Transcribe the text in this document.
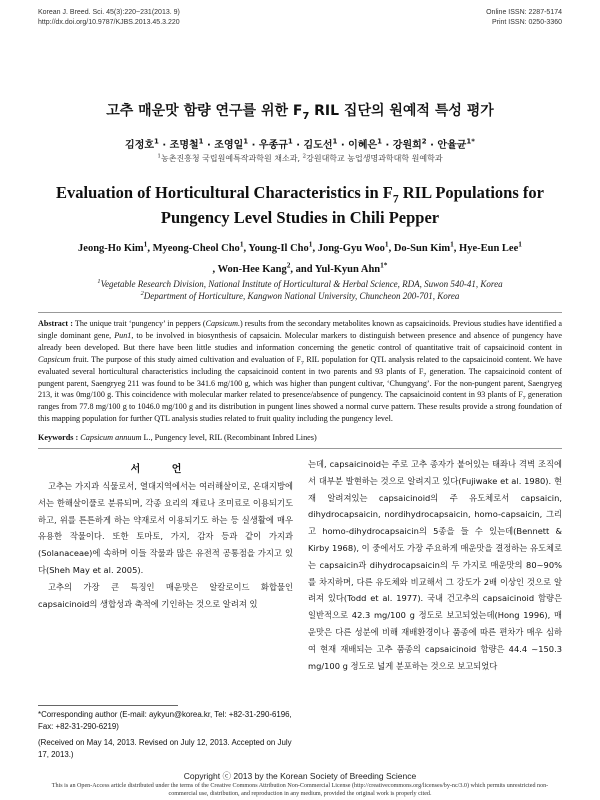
Korean J. Breed. Sci. 45(3):220~231(2013. 9)
http://dx.doi.org/10.9787/KJBS.2013.45.3.220
Online ISSN: 2287-5174
Print ISSN: 0250-3360
고추 매운맛 함량 연구를 위한 $F_7$ RIL 집단의 원예적 특성 평가
김정호$^1$ · 조명철$^1$ · 조영일$^1$ · 우종규$^1$ · 김도선$^1$ · 이혜은$^1$ · 강원희$^2$ · 안율균$^{1*}$
$^1$농촌진흥청 국립원예특작과학원 채소과, $^2$강원대학교 농업생명과학대학 원예학과
Evaluation of Horticultural Characteristics in $F_7$ RIL Populations for
Pungency Level Studies in Chili Pepper
Jeong-Ho Kim$^1$, Myeong-Cheol Cho$^1$, Young-Il Cho$^1$, Jong-Gyu Woo$^1$, Do-Sun Kim$^1$, Hye-Eun Lee$^1$
, Won-Hee Kang$^2$, and Yul-Kyun Ahn$^{1*}$
$^1$Vegetable Research Division, National Institute of Horticultural & Herbal Science, RDA, Suwon 540-41, Korea
$^2$Department of Horticulture, Kangwon National University, Chuncheon 200-701, Korea
Abstract : The unique trait ‘pungency’ in peppers (Capsicum.) results from the secondary metabolites known as capsaicinoids. Previous studies have identified a single dominant gene, Pun1, to be involved in biosynthesis of capsaicin. Molecular markers to distinguish between presence and absence of pungency have already been developed. But there have been little studies and information concerning the genetic control of quantitative trait of capsaicinoid content in Capsicum fruit. The purpose of this study aimed cultivation and evaluation of $F_7$ RIL population for QTL analysis related to the capsaicinoid content. We have evaluated several horticultural characteristics including the capsaicinoid content in two parents and 93 plants of $F_7$ generation. The capsaicinoid content of pungent parent, Saengryeg 211 was found to be 341.6 mg/100 g, which was higher than pungent cultivar, ‘Chungyang’. For the non-pungent parent, Saengryeg 213, it was 0mg/100 g. This coincidence with molecular marker related to presence/absence of pungency. The capsaicinoid content in 93 plants of $F_7$ generation ranges from 77.8 mg/100 g to 1046.0 mg/100 g and its distribution in pungent lines showed a normal curve pattern. These results provide a strong foundation of this mapping population for further QTL analysis studies related to fruit quality including the pungency level.
Keywords : Capsicum annuum L., Pungency level, RIL (Recombinant Inbred Lines)
서 언

고추는 가지과 식물로서, 열대지역에서는 여러해살이로, 온대지방에서는 한해살이풀로 분류되며, 각종 요리의 재료나 조미료로 이용되기도 하고, 위를 튼튼하게 하는 약재로서 이용되기도 하는 등 실생활에 매우 유용한 작물이다. 또한 토마토, 가지, 감자 등과 같이 가지과(Solanaceae)에 속하며 이들 작물과 많은 유전적 공통점을 가지고 있다(Sheh May et al. 2005).

고추의 가장 큰 특징인 매운맛은 알칼로이드 화합물인 capsaicinoid의 생합성과 축적에 기인하는 것으로 알려져 있

는데, capsaicinoid는 주로 고추 종자가 붙어있는 태좌나 격벽 조직에서 대부분 발현하는 것으로 알려지고 있다(Fujiwake et al. 1980). 현재 알려져있는 capsaicinoid의 주 유도체로서 capsaicin, dihydrocapsaicin, nordihydrocapsaicin, homo-capsaicin, 그리고 homo-dihydrocapsaicin의 5종을 들 수 있는데(Bennett & Kirby 1968), 이 중에서도 가장 주요하게 매운맛을 결정하는 유도체로는 capsaicin과 dihydrocapsaicin의 두 가지로 매운맛의 80~90%를 차지하며, 다른 유도체와 비교해서 그 강도가 2배 이상인 것으로 알려져 있다(Todd et al. 1977). 국내 건고추의 capsaicinoid 함량은 일반적으로 42.3 mg/100 g 정도로 보고되었는데(Hong 1996), 매운맛은 다른 성분에 비해 재배환경이나 품종에 따른 편차가 매우 심하여 현재 재배되는 고추 품종의 capsaicinoid 함량은 44.4 ~150.3 mg/100 g 정도로 넓게 분포하는 것으로 보고되었다

*Corresponding author (E-mail: aykyun@korea.kr, Tel: +82-31-290-6196, Fax: +82-31-290-6219)
(Received on May 14, 2013. Revised on July 12, 2013. Accepted on July 17, 2013.)
Copyright ⓒ 2013 by the Korean Society of Breeding Science
This is an Open-Access article distributed under the terms of the Creative Commons Attribution Non-Commercial License (http://creativecommons.org/licenses/by-nc/3.0) which permits unrestricted non-commercial use, distribution, and reproduction in any medium, provided the original work is properly cited.
